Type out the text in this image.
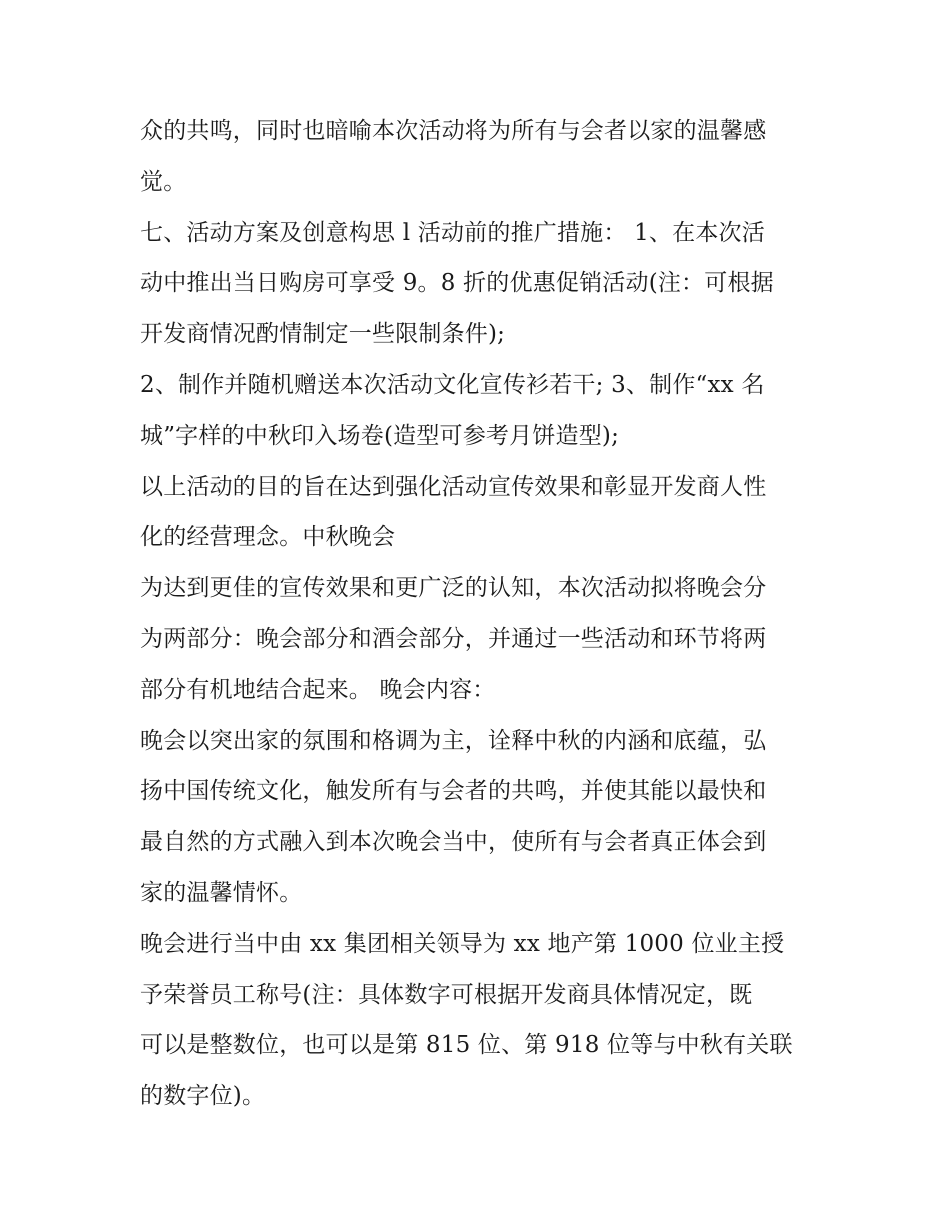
众的共鸣，同时也暗喻本次活动将为所有与会者以家的温馨感
觉。
七、活动方案及创意构思 l 活动前的推广措施： 1、在本次活
动中推出当日购房可享受 9。8 折的优惠促销活动(注：可根据
开发商情况酌情制定一些限制条件);
2、制作并随机赠送本次活动文化宣传衫若干; 3、制作“xx 名
城”字样的中秋印入场卷(造型可参考月饼造型);
以上活动的目的旨在达到强化活动宣传效果和彰显开发商人性
化的经营理念。中秋晚会
为达到更佳的宣传效果和更广泛的认知，本次活动拟将晚会分
为两部分：晚会部分和酒会部分，并通过一些活动和环节将两
部分有机地结合起来。 晚会内容：
晚会以突出家的氛围和格调为主，诠释中秋的内涵和底蕴，弘
扬中国传统文化，触发所有与会者的共鸣，并使其能以最快和
最自然的方式融入到本次晚会当中，使所有与会者真正体会到
家的温馨情怀。
晚会进行当中由 xx 集团相关领导为 xx 地产第 1000 位业主授
予荣誉员工称号(注：具体数字可根据开发商具体情况定，既
可以是整数位，也可以是第 815 位、第 918 位等与中秋有关联
的数字位)。
